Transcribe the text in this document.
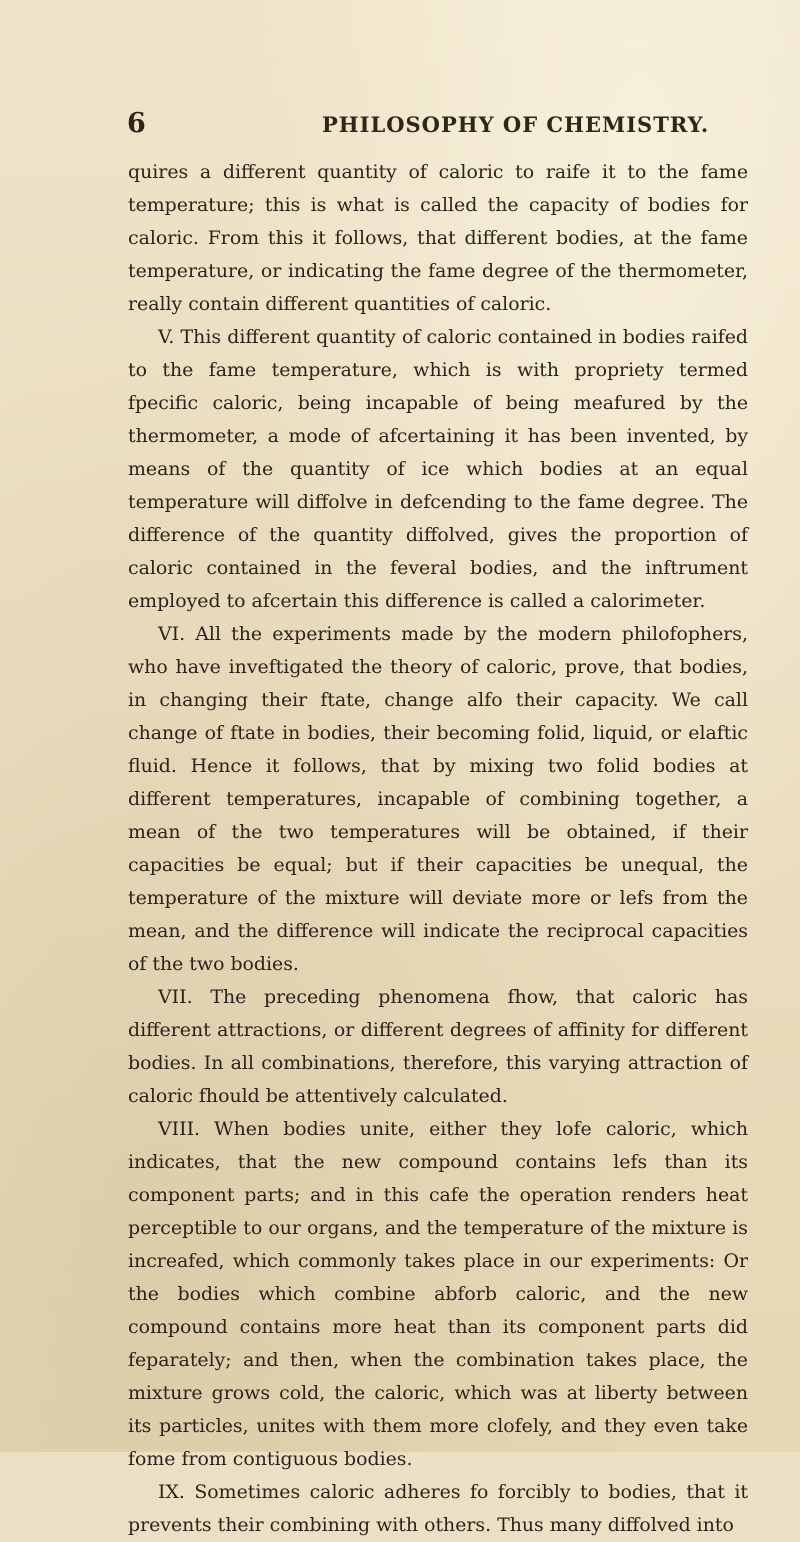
6	PHILOSOPHY OF CHEMISTRY.

quires a different quantity of caloric to raife it to the fame temperature; this is what is called the capacity of bodies for caloric. From this it follows, that different bodies, at the fame temperature, or indicating the fame degree of the thermometer, really contain different quantities of caloric.

V. This different quantity of caloric contained in bodies raifed to the fame temperature, which is with propriety termed fpecific caloric, being incapable of being meafured by the thermometer, a mode of afcertaining it has been invented, by means of the quantity of ice which bodies at an equal temperature will diffolve in defcending to the fame degree. The difference of the quantity diffolved, gives the proportion of caloric contained in the feveral bodies, and the inftrument employed to afcertain this difference is called a calorimeter.

VI. All the experiments made by the modern philofophers, who have inveftigated the theory of caloric, prove, that bodies, in changing their ftate, change alfo their capacity. We call change of ftate in bodies, their becoming folid, liquid, or elaftic fluid. Hence it follows, that by mixing two folid bodies at different temperatures, incapable of combining together, a mean of the two temperatures will be obtained, if their capacities be equal; but if their capacities be unequal, the temperature of the mixture will deviate more or lefs from the mean, and the difference will indicate the reciprocal capacities of the two bodies.

VII. The preceding phenomena fhow, that caloric has different attractions, or different degrees of affinity for different bodies. In all combinations, therefore, this varying attraction of caloric fhould be attentively calculated.

VIII. When bodies unite, either they lofe caloric, which indicates, that the new compound contains lefs than its component parts; and in this cafe the operation renders heat perceptible to our organs, and the temperature of the mixture is increafed, which commonly takes place in our experiments: Or the bodies which combine abforb caloric, and the new compound contains more heat than its component parts did feparately; and then, when the combination takes place, the mixture grows cold, the caloric, which was at liberty between its particles, unites with them more clofely, and they even take fome from contiguous bodies.

IX. Sometimes caloric adheres fo forcibly to bodies, that it prevents their combining with others. Thus many diffolved into
